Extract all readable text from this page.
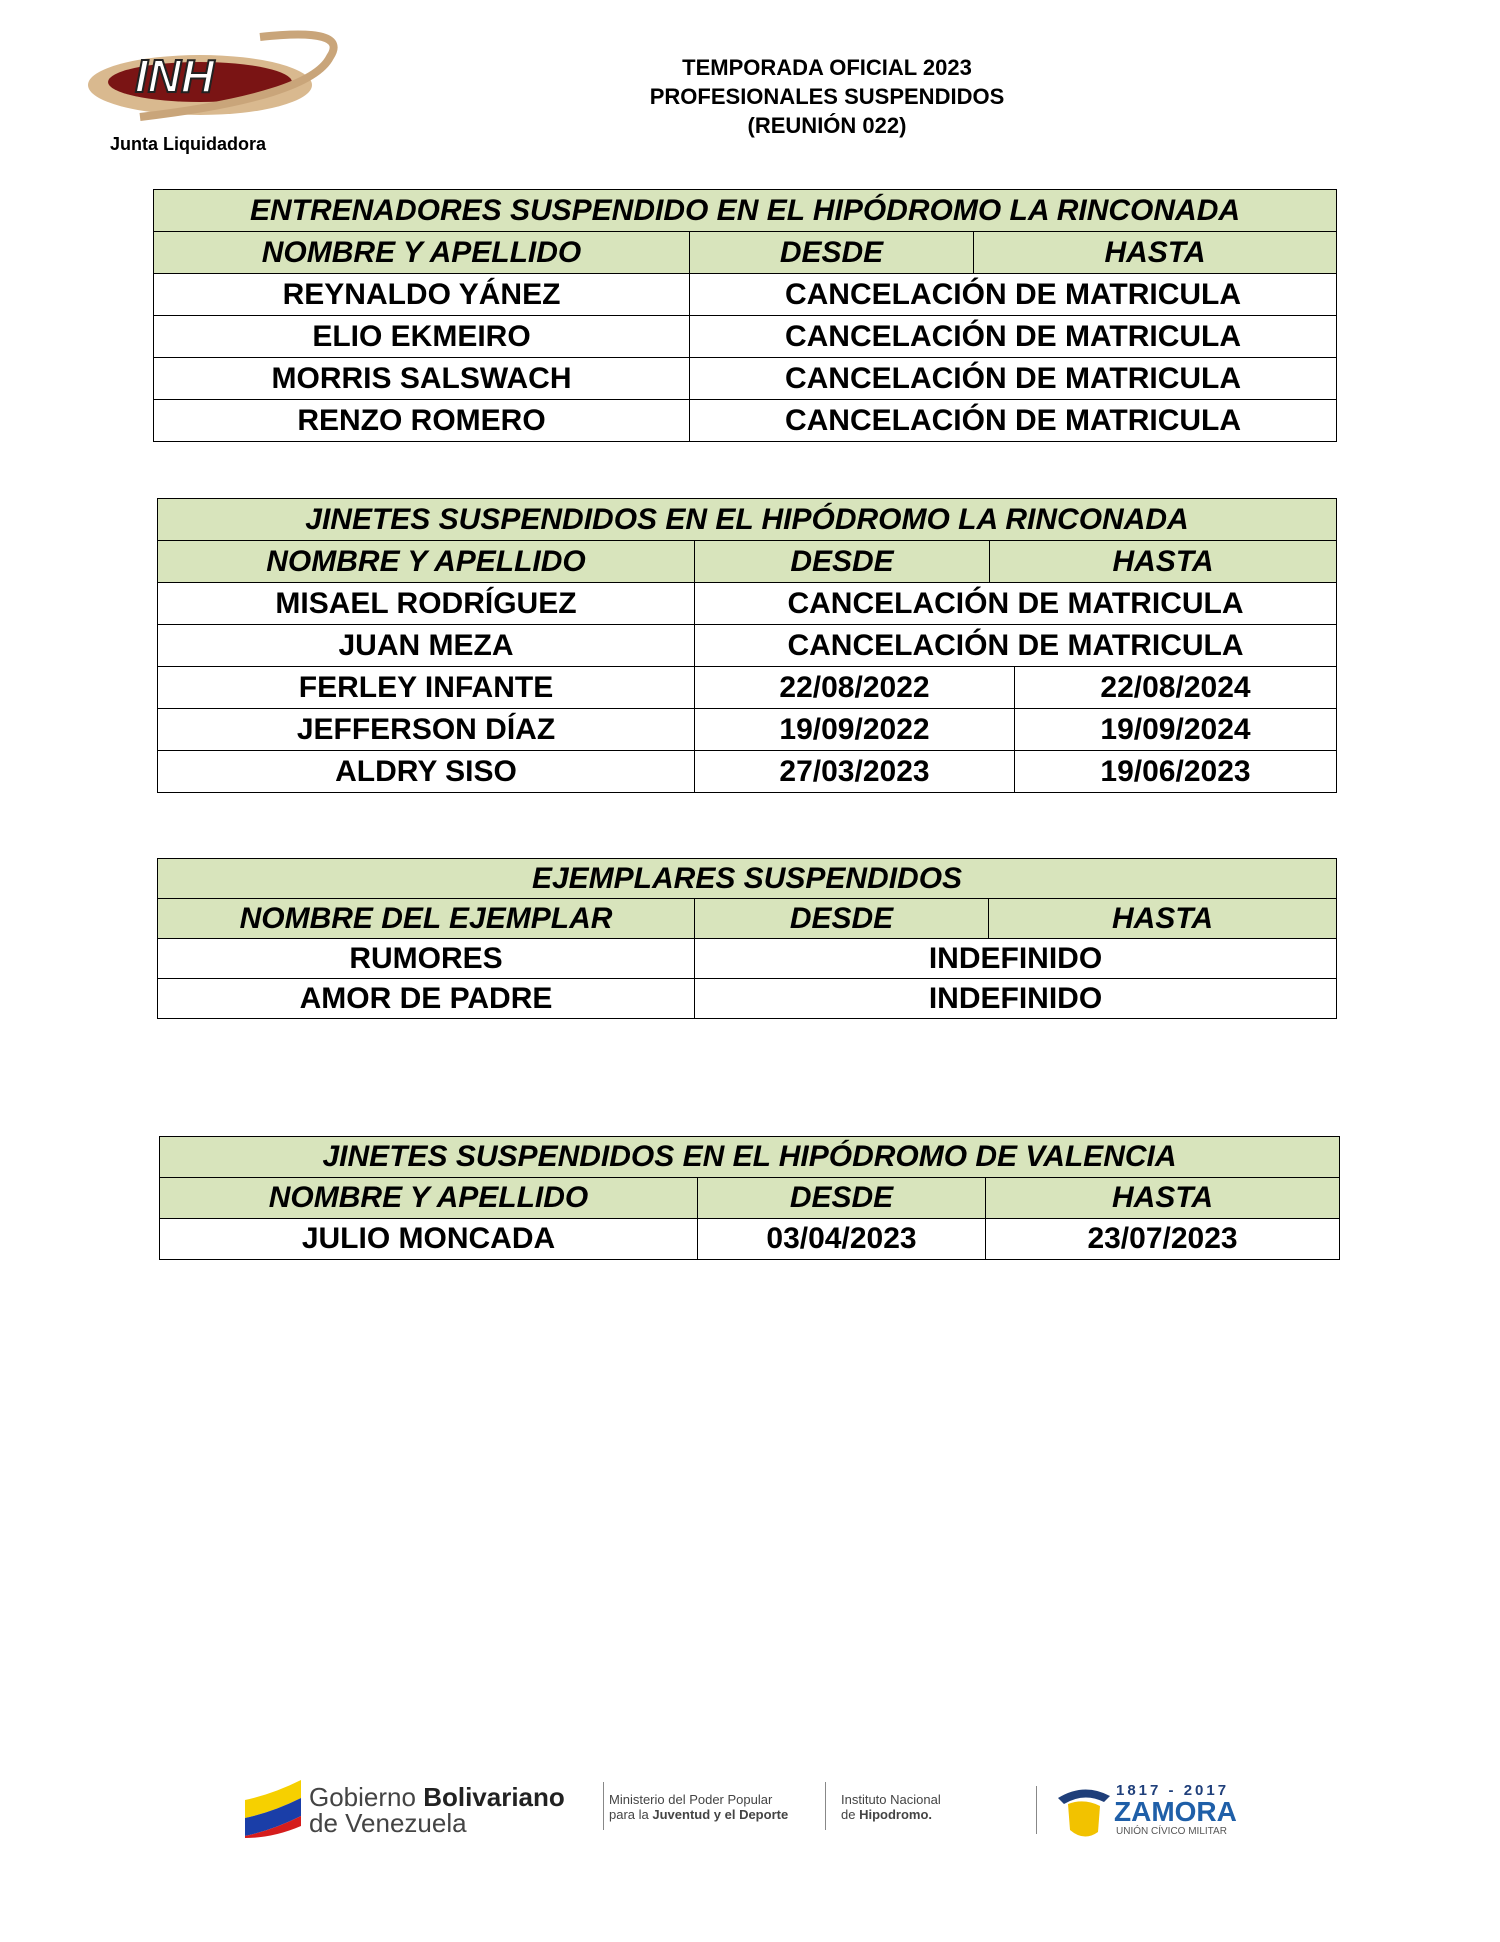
INH
Junta Liquidadora
TEMPORADA OFICIAL 2023
PROFESIONALES SUSPENDIDOS
(REUNIÓN 022)
ENTRENADORES SUSPENDIDO EN EL HIPÓDROMO LA RINCONADA		
NOMBRE Y APELLIDO	DESDE	HASTA
REYNALDO YÁNEZ	CANCELACIÓN DE MATRICULA	
ELIO EKMEIRO	CANCELACIÓN DE MATRICULA	
MORRIS SALSWACH	CANCELACIÓN DE MATRICULA	
RENZO ROMERO	CANCELACIÓN DE MATRICULA	
JINETES SUSPENDIDOS EN EL HIPÓDROMO LA RINCONADA			
NOMBRE Y APELLIDO	DESDE	HASTA	
MISAEL RODRÍGUEZ	CANCELACIÓN DE MATRICULA		
JUAN MEZA	CANCELACIÓN DE MATRICULA		
FERLEY INFANTE	22/08/2022		22/08/2024
JEFFERSON DÍAZ	19/09/2022		19/09/2024
ALDRY SISO	27/03/2023		19/06/2023
EJEMPLARES SUSPENDIDOS		
NOMBRE DEL EJEMPLAR	DESDE	HASTA
RUMORES	INDEFINIDO	
AMOR DE PADRE	INDEFINIDO	
JINETES SUSPENDIDOS EN EL HIPÓDROMO DE VALENCIA		
NOMBRE Y APELLIDO	DESDE	HASTA
JULIO MONCADA	03/04/2023	23/07/2023
Gobierno Bolivariano
de Venezuela
Ministerio del Poder Popular
para la Juventud y el Deporte
Instituto Nacional
de Hipodromo.
1817 - 2017
ZAMORA
UNIÓN CÍVICO MILITAR
